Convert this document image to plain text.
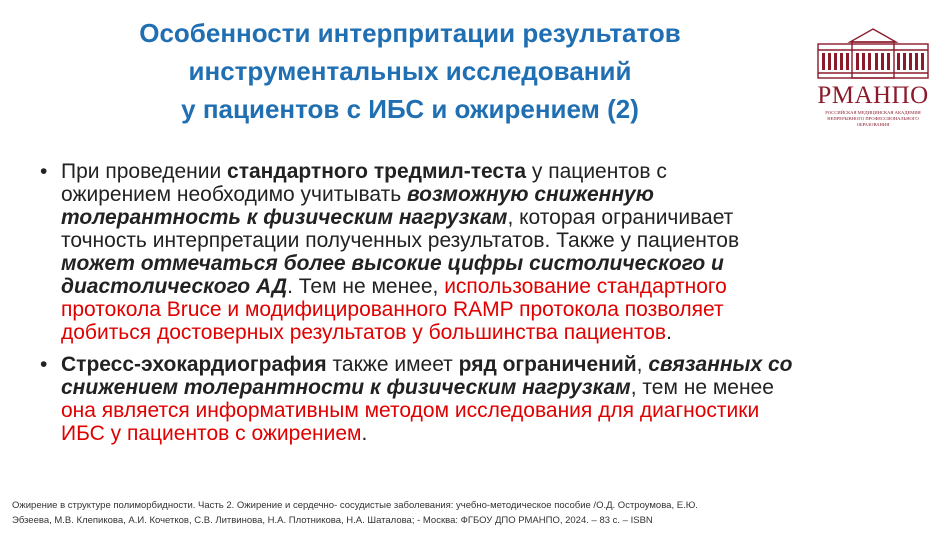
Особенности интерпритации результатов
инструментальных исследований
у пациентов с ИБС и ожирением (2)	РМАНПО
РОССИЙСКАЯ МЕДИЦИНСКАЯ АКАДЕМИЯ
НЕПРЕРЫВНОГО ПРОФЕССИОНАЛЬНОГО ОБРАЗОВАНИЯ
• При проведении стандартного тредмил-теста у пациентов с
ожирением необходимо учитывать возможную сниженную
толерантность к физическим нагрузкам, которая ограничивает
точность интерпретации полученных результатов. Также у пациентов
может отмечаться более высокие цифры систолического и
диастолического АД. Тем не менее, использование стандартного
протокола Bruce и модифицированного RAMP протокола позволяет
добиться достоверных результатов у большинства пациентов.
• Стресс-эхокардиография также имеет ряд ограничений, связанных со
снижением толерантности к физическим нагрузкам, тем не менее
она является информативным методом исследования для диагностики
ИБС у пациентов с ожирением.
Ожирение в структуре полиморбидности. Часть 2. Ожирение и сердечно- сосудистые заболевания: учебно-методическое пособие /О.Д. Остроумова, Е.Ю.
Эбзеева, М.В. Клепикова, А.И. Кочетков, С.В. Литвинова, Н.А. Плотникова, Н.А. Шаталова; - Москва: ФГБОУ ДПО РМАНПО, 2024. – 83 с. – ISBN
